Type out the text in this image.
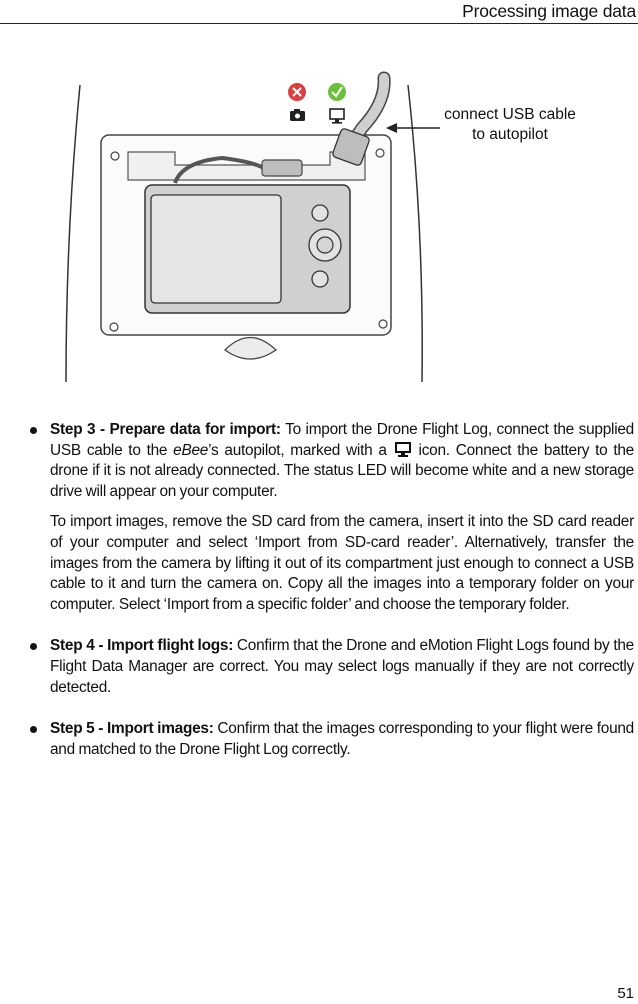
Processing image data
connect USB cable
to autopilot

Step 3 - Prepare data for import: To import the Drone Flight Log, connect the supplied USB cable to the eBee’s autopilot, marked with a  icon. Connect the battery to the drone if it is not already connected. The status LED will become white and a new storage drive will appear on your computer.

To import images, remove the SD card from the camera, insert it into the SD card reader of your computer and select ‘Import from SD-card reader’. Alternatively, transfer the images from the camera by lifting it out of its compartment just enough to connect a USB cable to it and turn the camera on. Copy all the images into a temporary folder on your computer. Select ‘Import from a speciﬁc folder’ and choose the temporary folder.

Step 4 - Import ﬂight logs: Conﬁrm that the Drone and eMotion Flight Logs found by the Flight Data Manager are correct. You may select logs manually if they are not correctly detected.

Step 5 - Import images: Conﬁrm that the images corresponding to your ﬂight were found and matched to the Drone Flight Log correctly.

51
